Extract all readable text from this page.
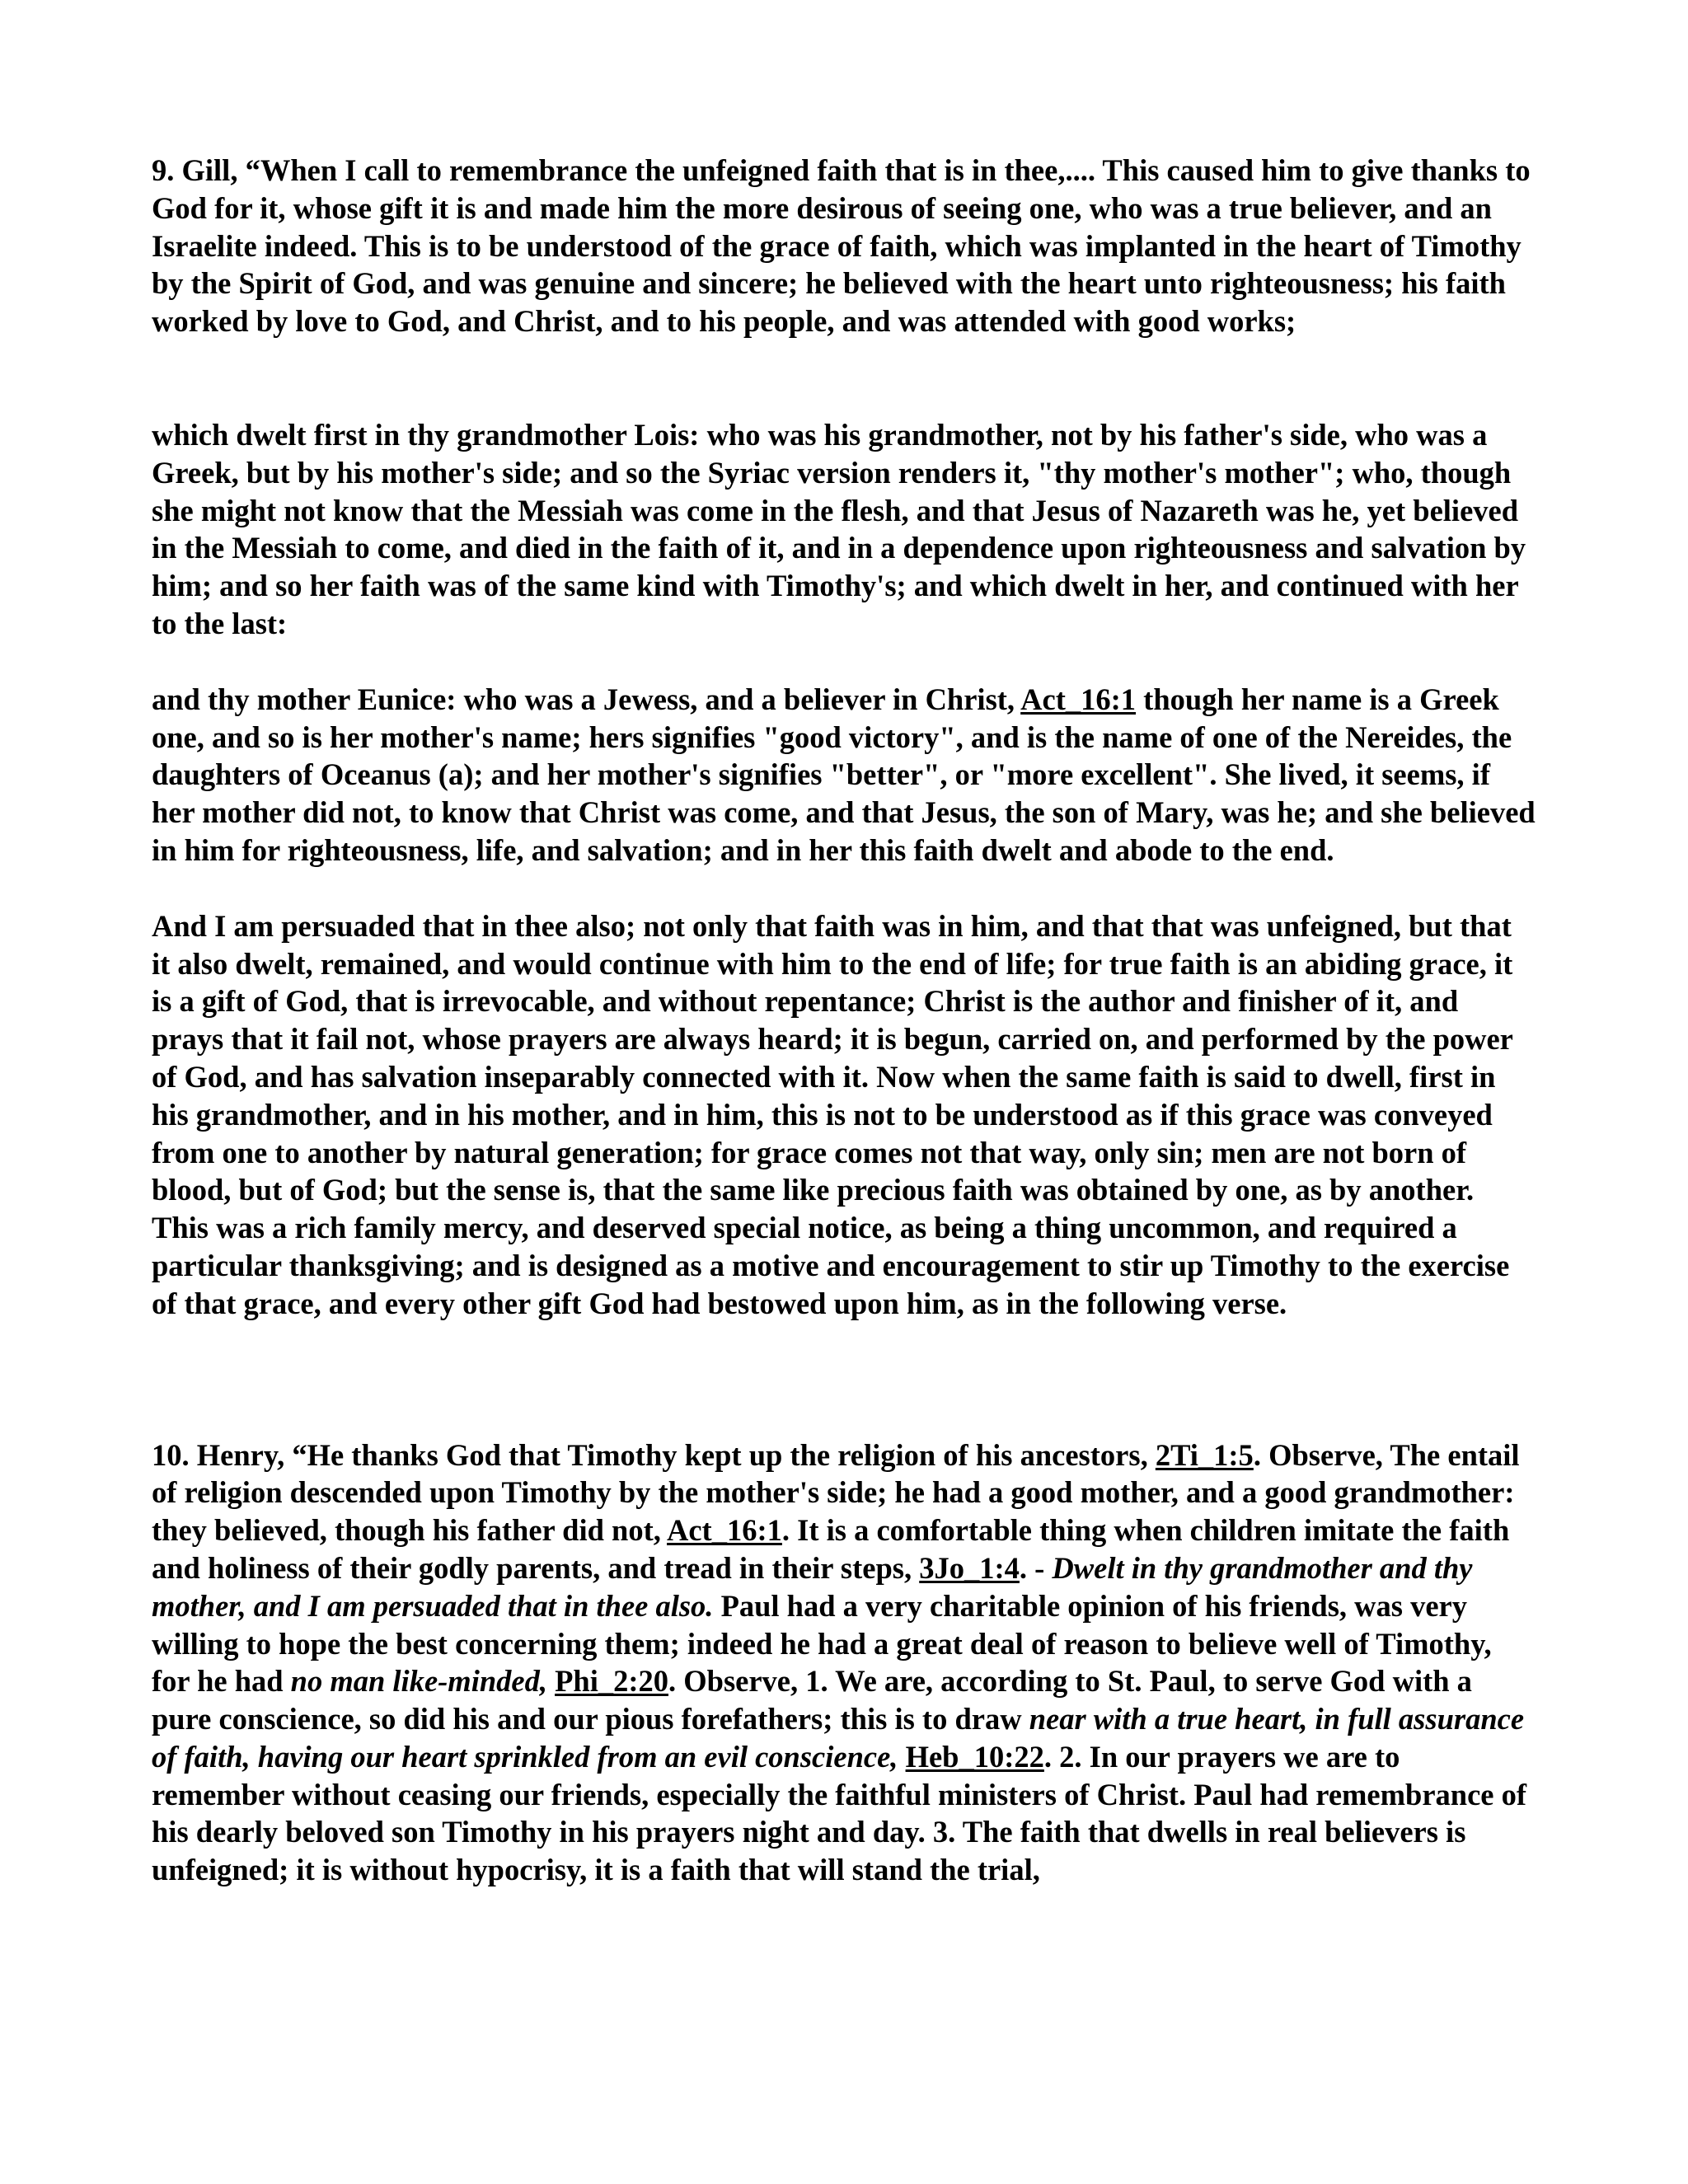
9. Gill, “When I call to remembrance the unfeigned faith that is in thee,.... This caused him to give thanks to God for it, whose gift it is and made him the more desirous of seeing one, who was a true believer, and an Israelite indeed. This is to be understood of the grace of faith, which was implanted in the heart of Timothy by the Spirit of God, and was genuine and sincere; he believed with the heart unto righteousness; his faith worked by love to God, and Christ, and to his people, and was attended with good works;

which dwelt first in thy grandmother Lois: who was his grandmother, not by his father's side, who was a Greek, but by his mother's side; and so the Syriac version renders it, "thy mother's mother"; who, though she might not know that the Messiah was come in the flesh, and that Jesus of Nazareth was he, yet believed in the Messiah to come, and died in the faith of it, and in a dependence upon righteousness and salvation by him; and so her faith was of the same kind with Timothy's; and which dwelt in her, and continued with her to the last:

and thy mother Eunice: who was a Jewess, and a believer in Christ, Act_16:1 though her name is a Greek one, and so is her mother's name; hers signifies "good victory", and is the name of one of the Nereides, the daughters of Oceanus (a); and her mother's signifies "better", or "more excellent". She lived, it seems, if her mother did not, to know that Christ was come, and that Jesus, the son of Mary, was he; and she believed in him for righteousness, life, and salvation; and in her this faith dwelt and abode to the end.

And I am persuaded that in thee also; not only that faith was in him, and that that was unfeigned, but that it also dwelt, remained, and would continue with him to the end of life; for true faith is an abiding grace, it is a gift of God, that is irrevocable, and without repentance; Christ is the author and finisher of it, and prays that it fail not, whose prayers are always heard; it is begun, carried on, and performed by the power of God, and has salvation inseparably connected with it. Now when the same faith is said to dwell, first in his grandmother, and in his mother, and in him, this is not to be understood as if this grace was conveyed from one to another by natural generation; for grace comes not that way, only sin; men are not born of blood, but of God; but the sense is, that the same like precious faith was obtained by one, as by another. This was a rich family mercy, and deserved special notice, as being a thing uncommon, and required a particular thanksgiving; and is designed as a motive and encouragement to stir up Timothy to the exercise of that grace, and every other gift God had bestowed upon him, as in the following verse.

10. Henry, “He thanks God that Timothy kept up the religion of his ancestors, 2Ti_1:5. Observe, The entail of religion descended upon Timothy by the mother's side; he had a good mother, and a good grandmother: they believed, though his father did not, Act_16:1. It is a comfortable thing when children imitate the faith and holiness of their godly parents, and tread in their steps, 3Jo_1:4. - Dwelt in thy grandmother and thy mother, and I am persuaded that in thee also. Paul had a very charitable opinion of his friends, was very willing to hope the best concerning them; indeed he had a great deal of reason to believe well of Timothy, for he had no man like-minded, Phi_2:20. Observe, 1. We are, according to St. Paul, to serve God with a pure conscience, so did his and our pious forefathers; this is to draw near with a true heart, in full assurance of faith, having our heart sprinkled from an evil conscience, Heb_10:22. 2. In our prayers we are to remember without ceasing our friends, especially the faithful ministers of Christ. Paul had remembrance of his dearly beloved son Timothy in his prayers night and day. 3. The faith that dwells in real believers is unfeigned; it is without hypocrisy, it is a faith that will stand the trial,
